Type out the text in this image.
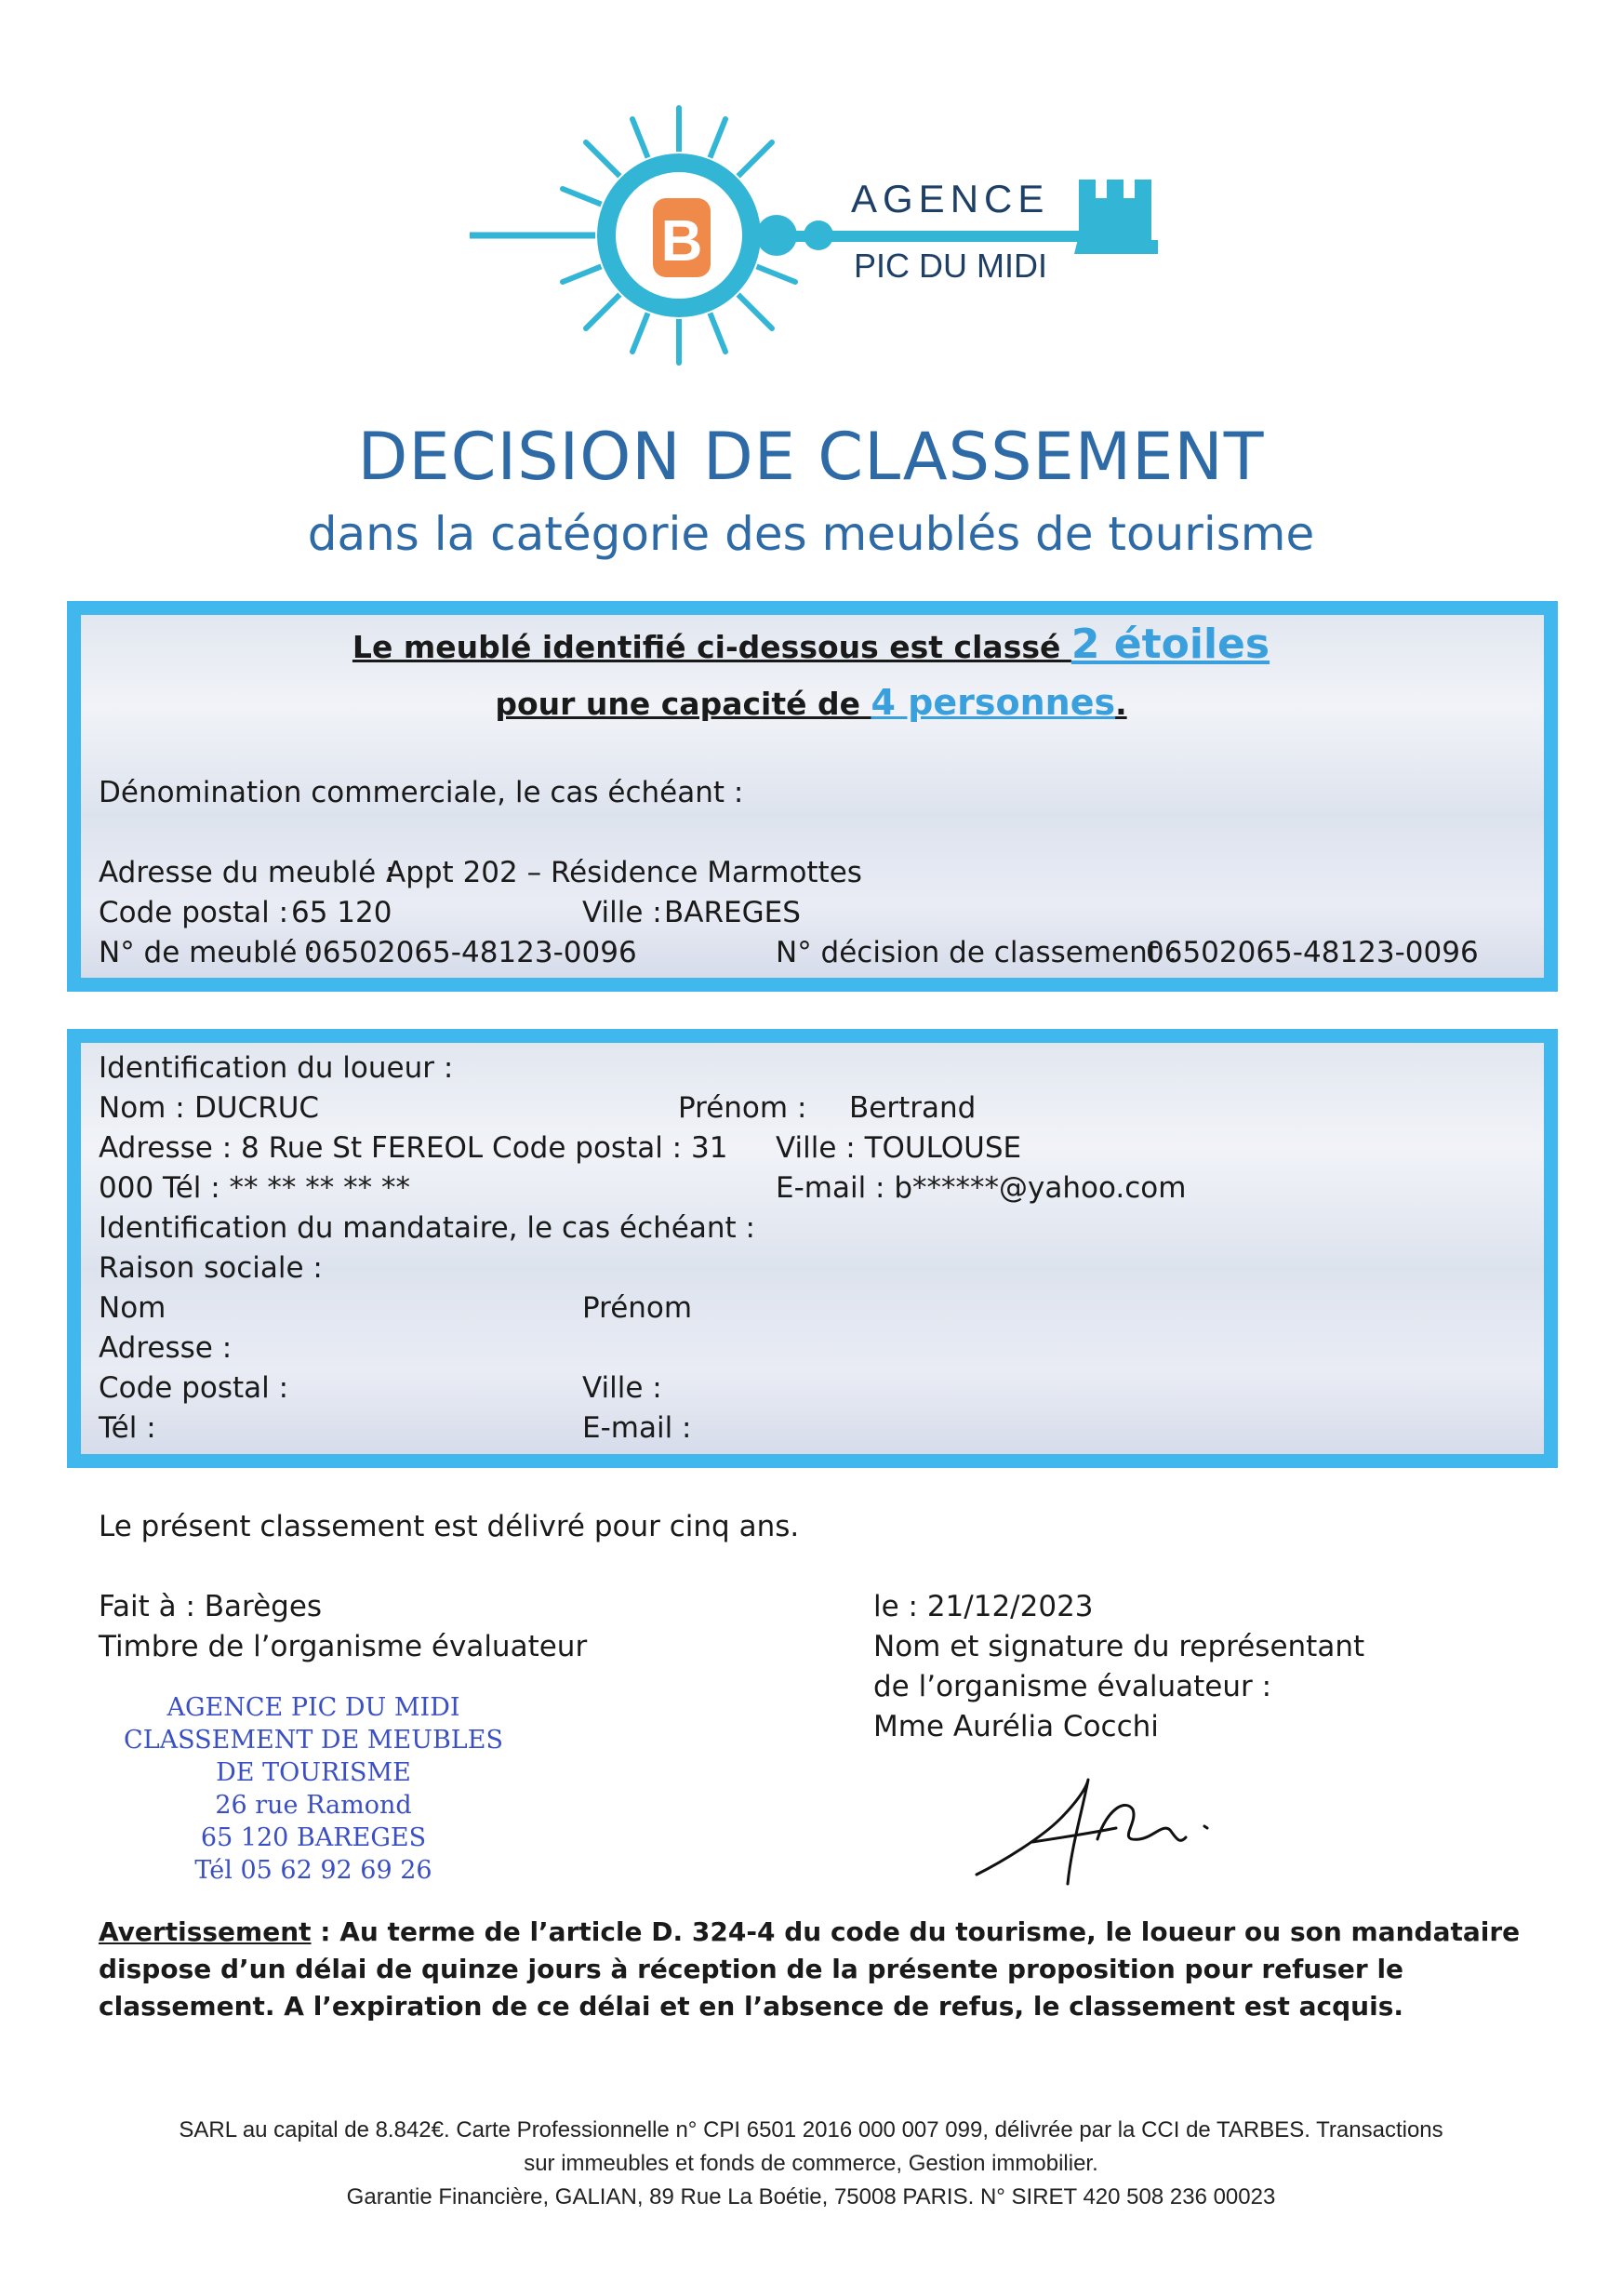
B
AGENCE
PIC DU MIDI
DECISION DE CLASSEMENT
dans la catégorie des meublés de tourisme
Le meublé identifié ci-dessous est classé 2 étoiles
pour une capacité de 4 personnes.
Dénomination commerciale, le cas échéant :
Adresse du meublé :
Appt 202 – Résidence Marmottes
Code postal : 65 120	Ville : BAREGES
N° de meublé :
06502065-48123-0096	N° décision de classement :
06502065-48123-0096
Identification du loueur :
Nom : DUCRUC	Prénom : Bertrand
Adresse : 8 Rue St FEREOL Code postal : 31 Ville : TOULOUSE
000 Tél : ** ** ** ** **	E-mail : b******@yahoo.com
Identification du mandataire, le cas échéant :
Raison sociale :
Nom	Prénom
Adresse :
Code postal :	Ville :
Tél :	E-mail :
Le présent classement est délivré pour cinq ans.
Fait à : Barèges
Timbre de l’organisme évaluateur
le : 21/12/2023
Nom et signature du représentant
de l’organisme évaluateur :
Mme Aurélia Cocchi
AGENCE PIC DU MIDI
CLASSEMENT DE MEUBLES
DE TOURISME
26 rue Ramond
65 120 BAREGES
Tél 05 62 92 69 26
Avertissement : Au terme de l’article D. 324-4 du code du tourisme, le loueur ou son mandataire dispose d’un délai de quinze jours à réception de la présente proposition pour refuser le classement. A l’expiration de ce délai et en l’absence de refus, le classement est acquis.
SARL au capital de 8.842€. Carte Professionnelle n° CPI 6501 2016 000 007 099, délivrée par la CCI de TARBES. Transactions
sur immeubles et fonds de commerce, Gestion immobilier.
Garantie Financière, GALIAN, 89 Rue La Boétie, 75008 PARIS. N° SIRET 420 508 236 00023
